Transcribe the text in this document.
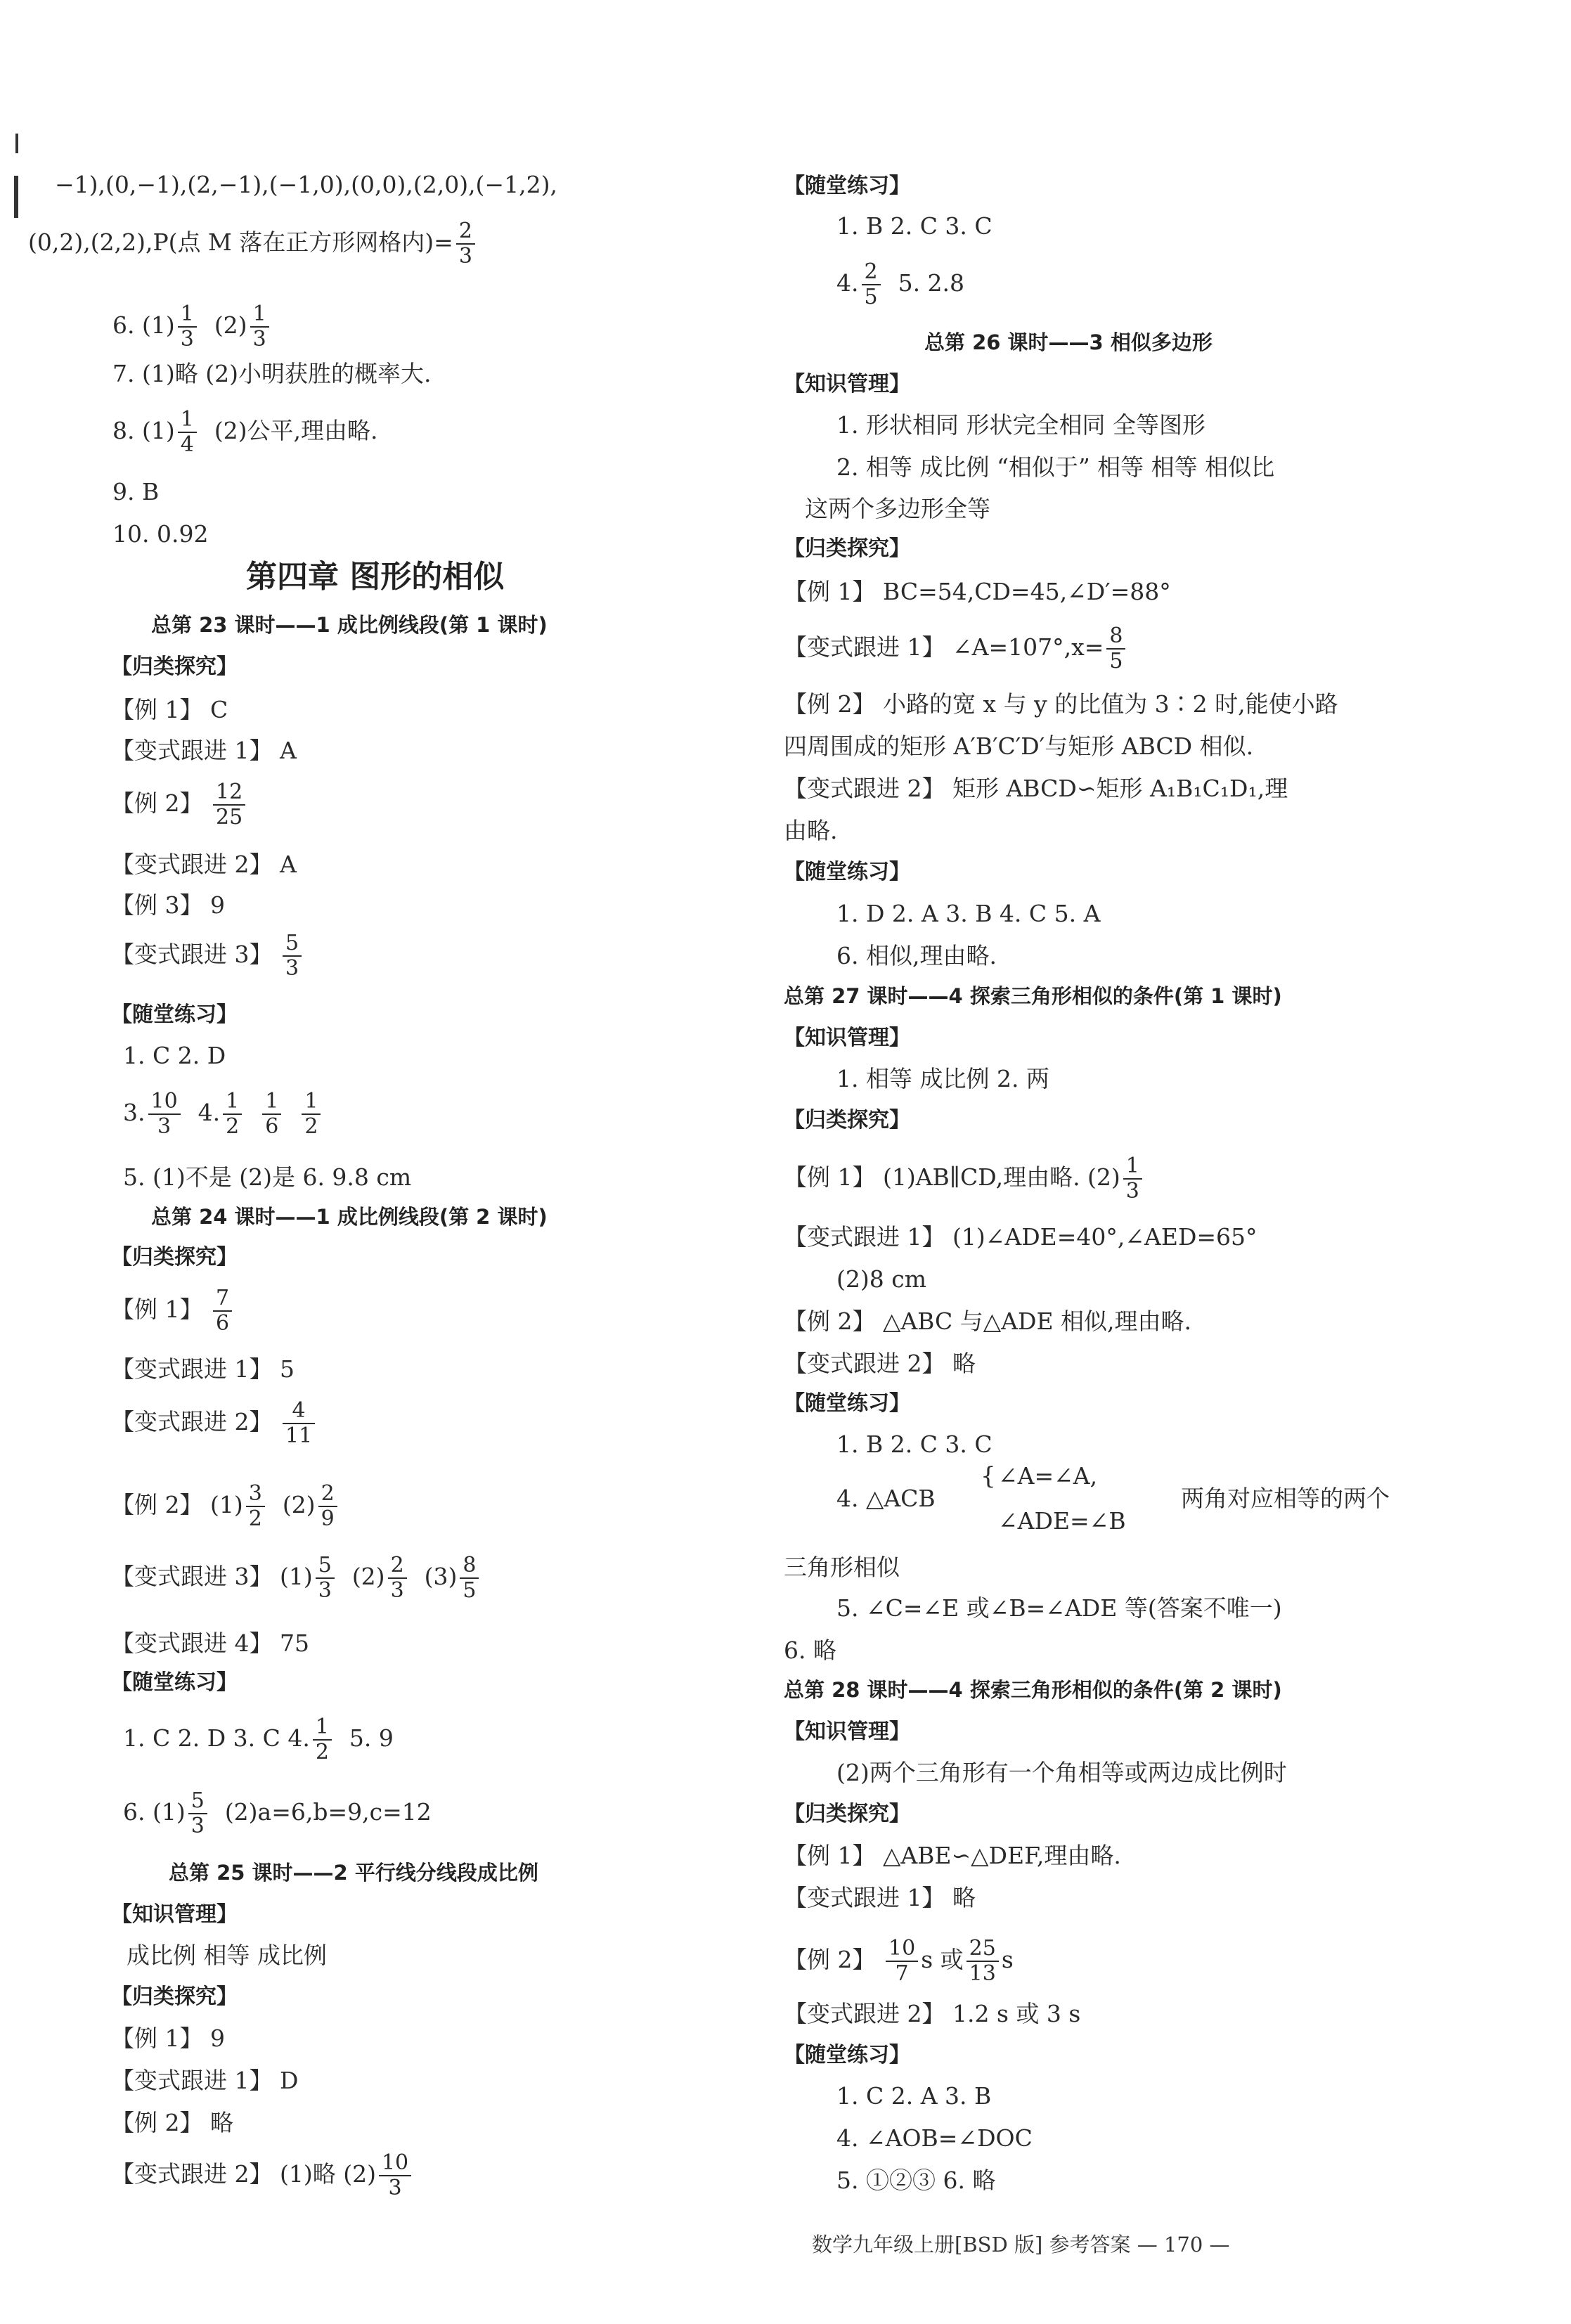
−1),(0,−1),(2,−1),(−1,0),(0,0),(2,0),(−1,2),
(0,2),(2,2),P(点 M 落在正方形网格内)= $\frac{2}{3}$
6. $(1) \frac{1}{3} (2) \frac{1}{3}$
7. (1)略 (2)小明获胜的概率大.
8. $(1) \frac{1}{4} (2)$公平,理由略.
9. B
10. 0.92
第四章 图形的相似
总第 23 课时——1 成比例线段(第 1 课时)
【归类探究】
【例 1】 C
【变式跟进 1】 A
【例 2】 $\frac{12}{25}$
【变式跟进 2】 A
【例 3】 9
【变式跟进 3】 $\frac{5}{3}$
【随堂练习】
1. C 2. D
3. $\frac{10}{3} 4$. $\frac{1}{2}$
$\frac{1}{6}$
$\frac{1}{2}$
5. (1)不是 (2)是 6. 9.8 cm
总第 24 课时——1 成比例线段(第 2 课时)
【归类探究】
【例 1】 $\frac{7}{6}$
【变式跟进 1】 5
【变式跟进 2】 $\frac{4}{11}$
【例 2】 $(1) \frac{3}{2} (2) \frac{2}{9}$
【变式跟进 3】 $(1) \frac{5}{3} (2) \frac{2}{3} (3) \frac{8}{5}$
【变式跟进 4】 75
【随堂练习】
1. C 2. D 3. C 4. $\frac{1}{2} 5$. 9
6. $(1) \frac{5}{3} (2)a=6,b=9,c=12$
总第 25 课时——2 平行线分线段成比例
【知识管理】
成比例 相等 成比例
【归类探究】
【例 1】 9
【变式跟进 1】 D
【例 2】 略
【变式跟进 2】 (1)略 $(2) \frac{10}{3}$
【随堂练习】
1. B 2. C 3. C
4. $\frac{2}{5} 5$. 2.8
总第 26 课时——3 相似多边形
【知识管理】
1. 形状相同 形状完全相同 全等图形
2. 相等 成比例 “相似于” 相等 相等 相似比
这两个多边形全等
【归类探究】
【例 1】 BC=54,CD=45,∠D′=88°
【变式跟进 1】 ∠A=107°,x= $\frac{8}{5}$
【例 2】 小路的宽 x 与 y 的比值为 3∶2 时,能使小路
四周围成的矩形 A′B′C′D′与矩形 ABCD 相似.
【变式跟进 2】 矩形 ABCD∽矩形 A₁B₁C₁D₁,理
由略.
【随堂练习】
1. D 2. A 3. B 4. C 5. A
6. 相似,理由略.
总第 27 课时——4 探索三角形相似的条件(第 1 课时)
【知识管理】
1. 相等 成比例 2. 两
【归类探究】
【例 1】 (1)AB∥CD,理由略. $(2) \frac{1}{3}$
【变式跟进 1】 (1)∠ADE=40°,∠AED=65°
(2)8 cm
【例 2】 △ABC 与△ADE 相似,理由略.
【变式跟进 2】 略
【随堂练习】
1. B 2. C 3. C
4. △ACB
{ ∠A=∠A,
∠ADE=∠B
两角对应相等的两个
三角形相似
5. ∠C=∠E 或∠B=∠ADE 等(答案不唯一)
6. 略
总第 28 课时——4 探索三角形相似的条件(第 2 课时)
【知识管理】
(2)两个三角形有一个角相等或两边成比例时
【归类探究】
【例 1】 △ABE∽△DEF,理由略.
【变式跟进 1】 略
【例 2】 $\frac{10}{7}$ s 或 $\frac{25}{13}$ s
【变式跟进 2】 1.2 s 或 3 s
【随堂练习】
1. C 2. A 3. B
4. ∠AOB=∠DOC
5. ①②③ 6. 略
数学九年级上册[BSD 版] 参考答案 — 170 —
